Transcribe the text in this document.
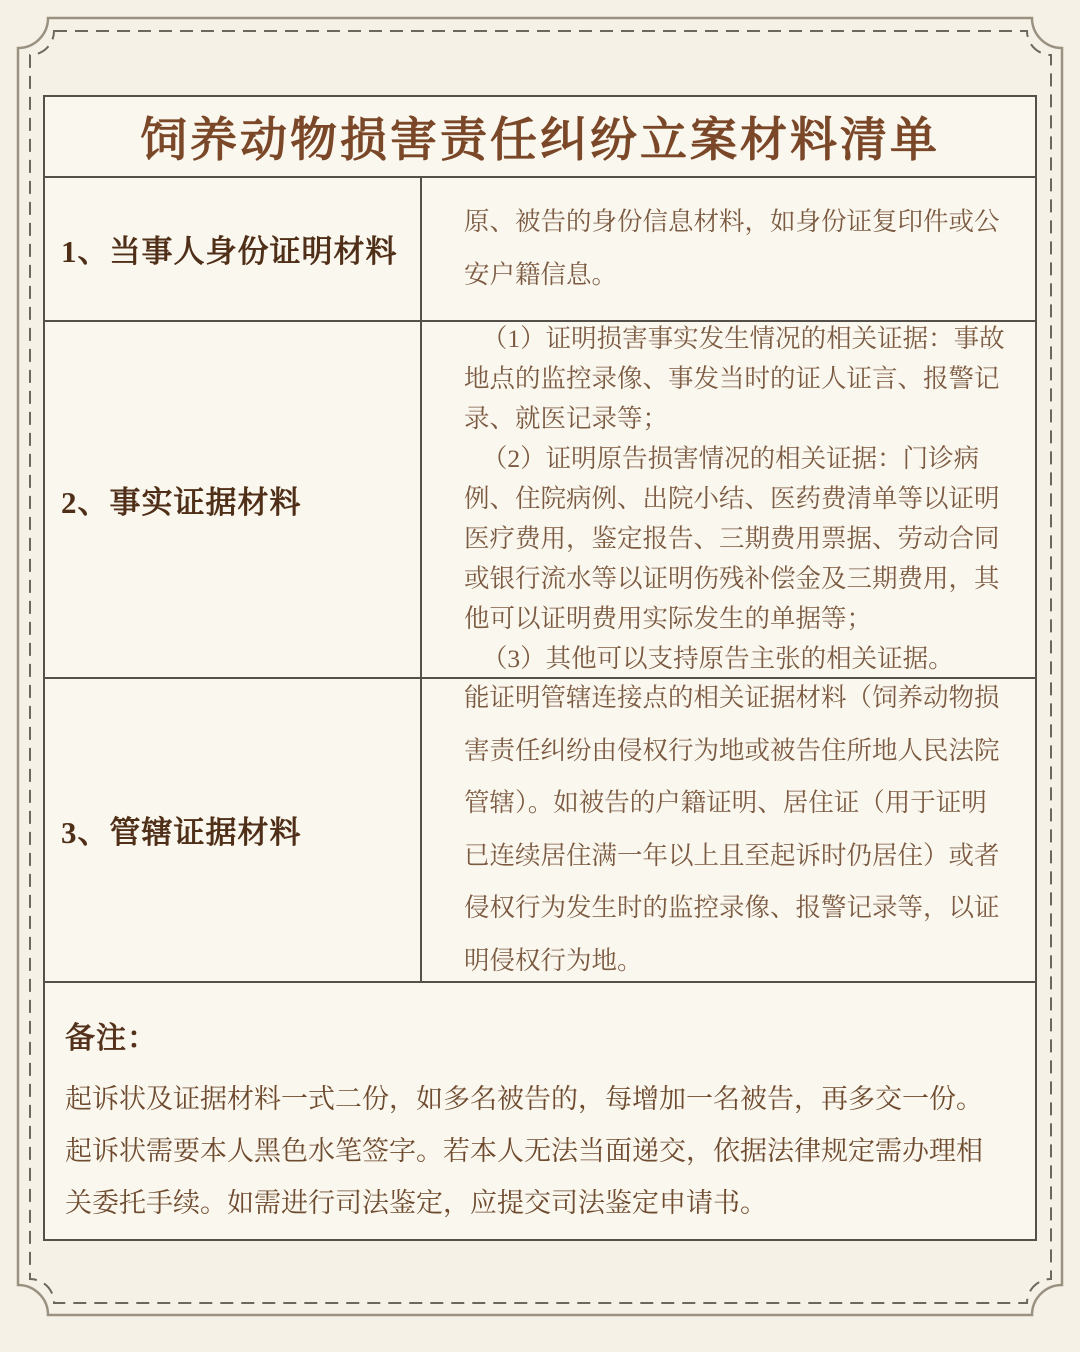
饲养动物损害责任纠纷立案材料清单
1、当事人身份证明材料

原、被告的身份信息材料，如身份证复印件或公安户籍信息。

2、事实证据材料

（1）证明损害事实发生情况的相关证据：事故地点的监控录像、事发当时的证人证言、报警记录、就医记录等；

（2）证明原告损害情况的相关证据：门诊病例、住院病例、出院小结、医药费清单等以证明医疗费用，鉴定报告、三期费用票据、劳动合同或银行流水等以证明伤残补偿金及三期费用，其他可以证明费用实际发生的单据等；

（3）其他可以支持原告主张的相关证据。

3、管辖证据材料

能证明管辖连接点的相关证据材料（饲养动物损害责任纠纷由侵权行为地或被告住所地人民法院管辖）。如被告的户籍证明、居住证（用于证明已连续居住满一年以上且至起诉时仍居住）或者侵权行为发生时的监控录像、报警记录等，以证明侵权行为地。

备注：
起诉状及证据材料一式二份，如多名被告的，每增加一名被告，再多交一份。起诉状需要本人黑色水笔签字。若本人无法当面递交，依据法律规定需办理相关委托手续。如需进行司法鉴定，应提交司法鉴定申请书。
